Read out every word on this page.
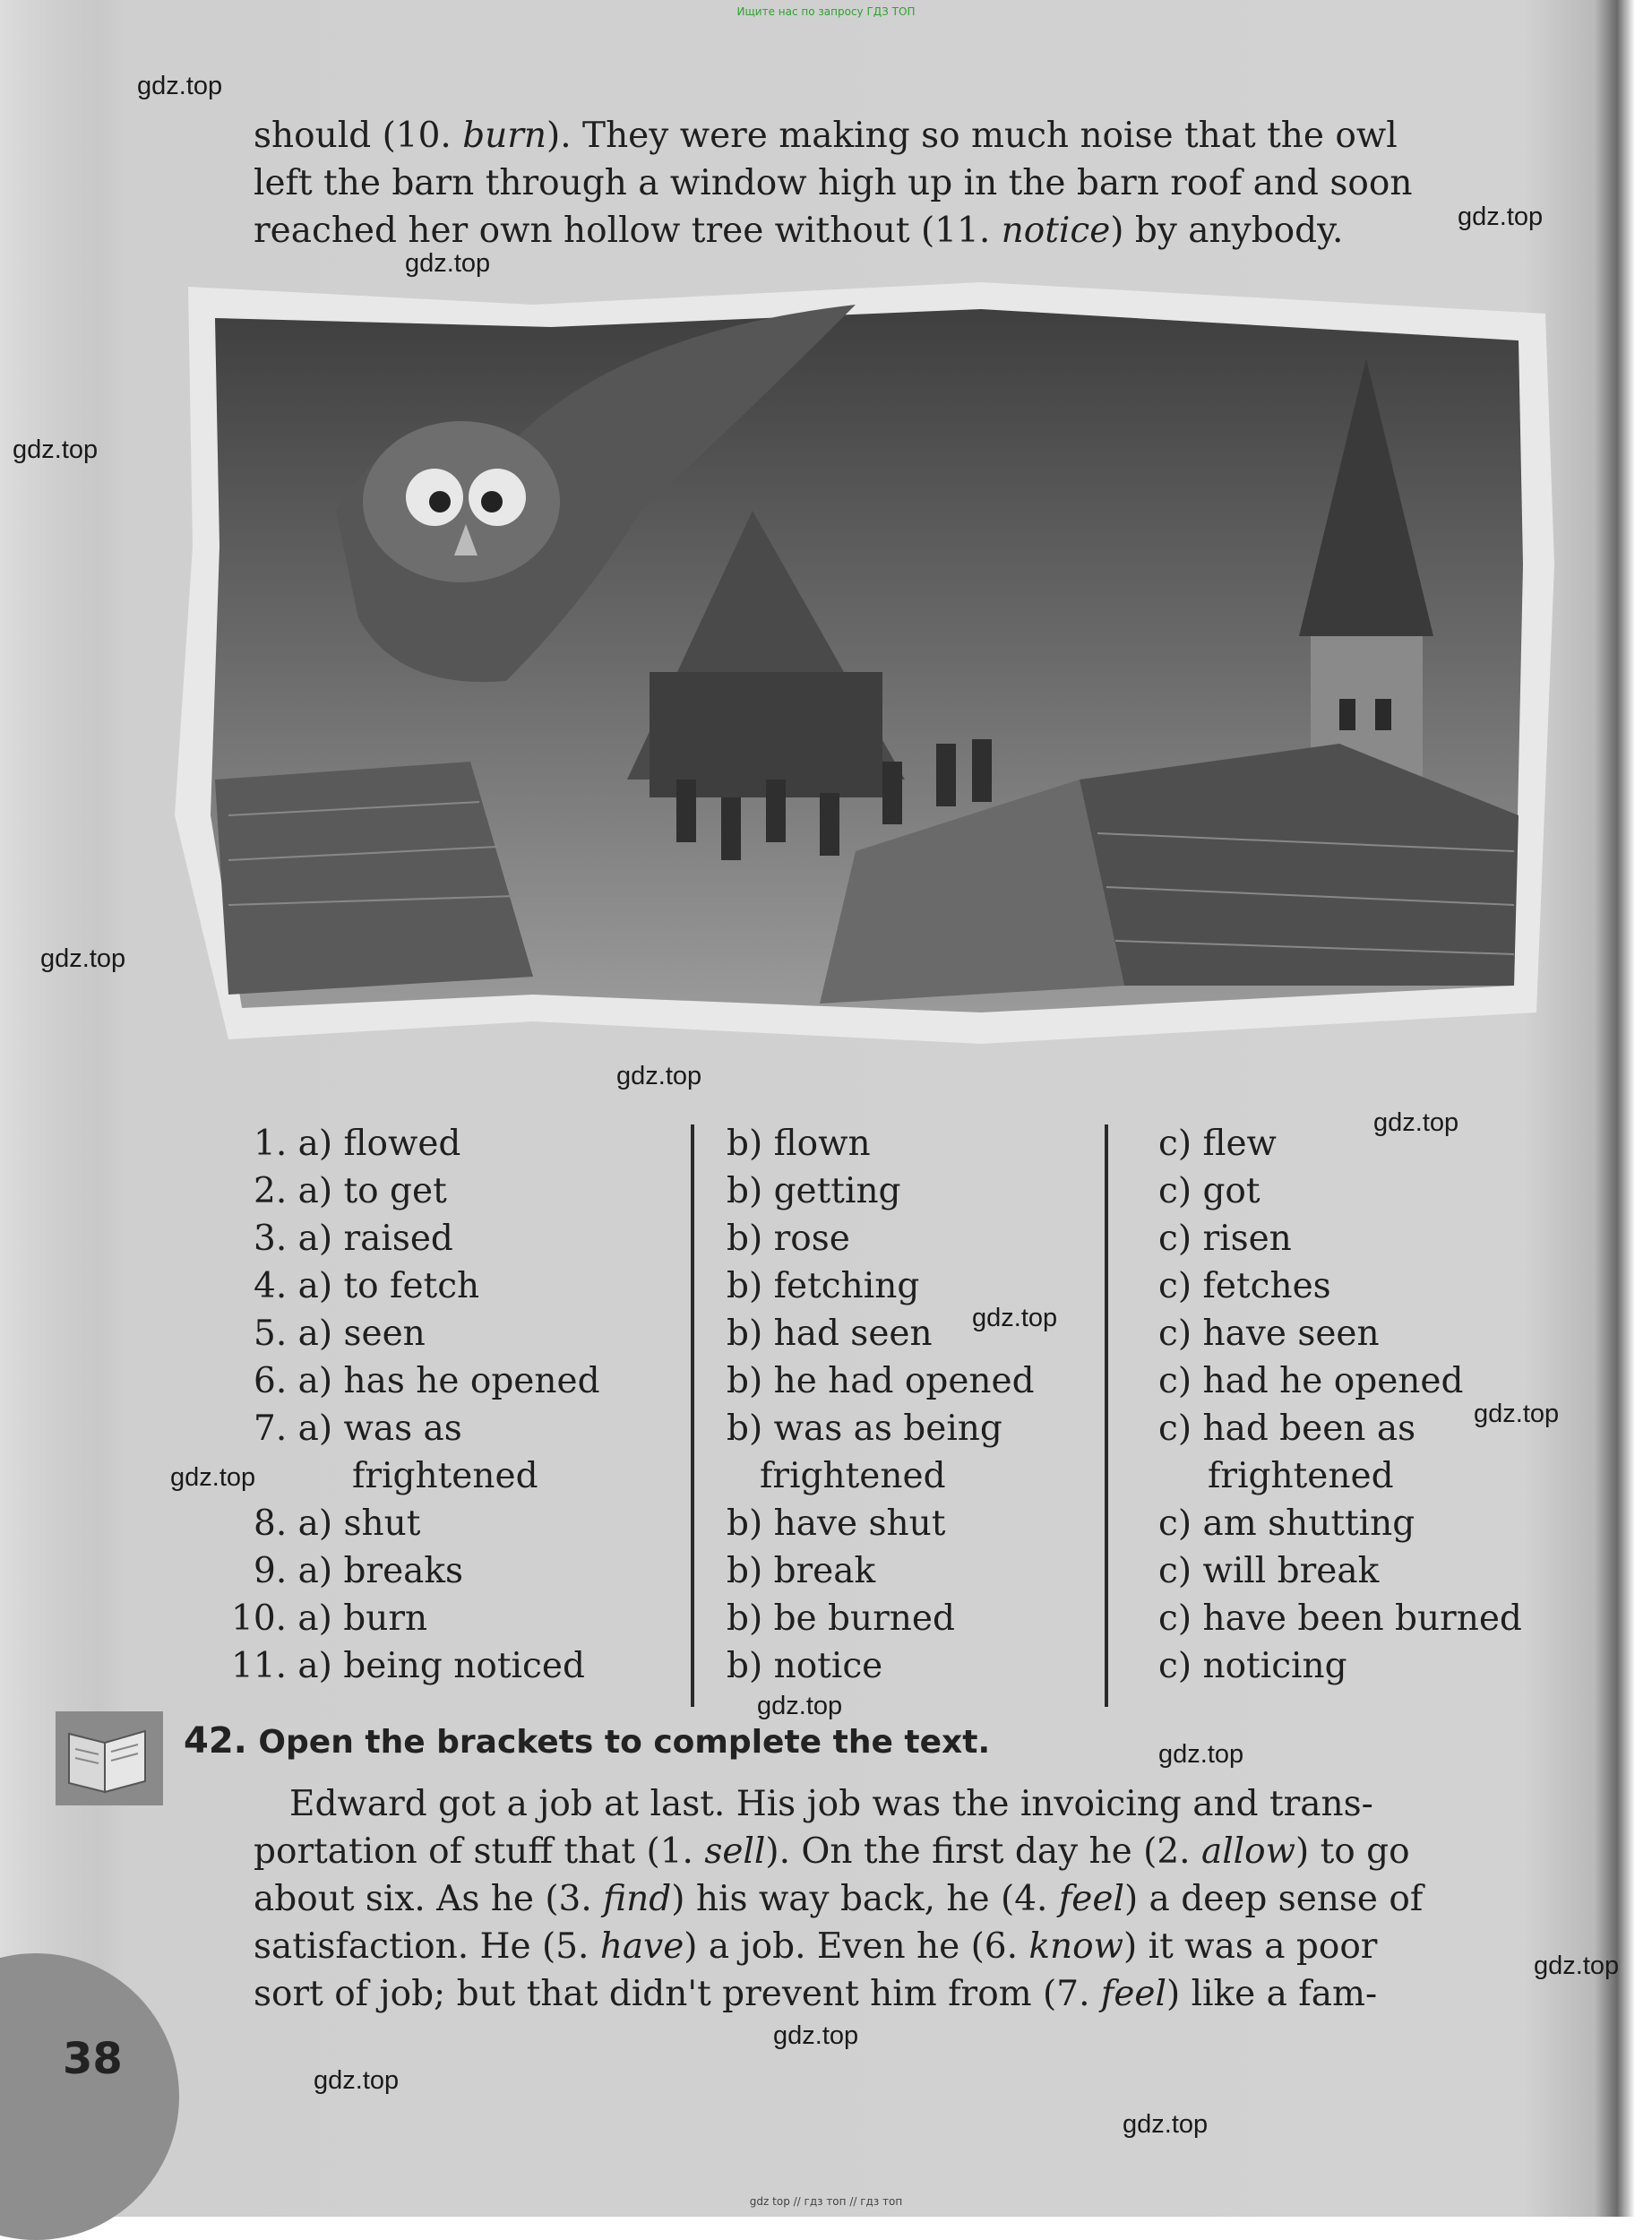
Ищите нас по запросу ГДЗ ТОП
gdz.top
gdz.top
gdz.top
gdz.top
gdz.top
gdz.top
gdz.top
gdz.top
gdz.top
gdz.top
gdz.top
gdz.top
gdz.top
gdz.top
gdz.top
gdz.top
should (10. burn). They were making so much noise that the owl
left the barn through a window high up in the barn roof and soon
reached her own hollow tree without (11. notice) by anybody.
1. a) flowed	b) flown	c) flew
2. a) to get	b) getting	c) got
3. a) raised	b) rose	c) risen
4. a) to fetch	b) fetching	c) fetches
5. a) seen	b) had seen	c) have seen
6. a) has he opened	b) he had opened	c) had he opened
7. a) was as	b) was as being	c) had been as
frightened	frightened	frightened
8. a) shut	b) have shut	c) am shutting
9. a) breaks	b) break	c) will break
10. a) burn	b) be burned	c) have been burned
11. a) being noticed	b) notice	c) noticing
42. Open the brackets to complete the text.
Edward got a job at last. His job was the invoicing and trans-
portation of stuff that (1. sell). On the first day he (2. allow) to go
about six. As he (3. find) his way back, he (4. feel) a deep sense of
satisfaction. He (5. have) a job. Even he (6. know) it was a poor
sort of job; but that didn't prevent him from (7. feel) like a fam-
38
gdz top // гдз топ // гдз топ
